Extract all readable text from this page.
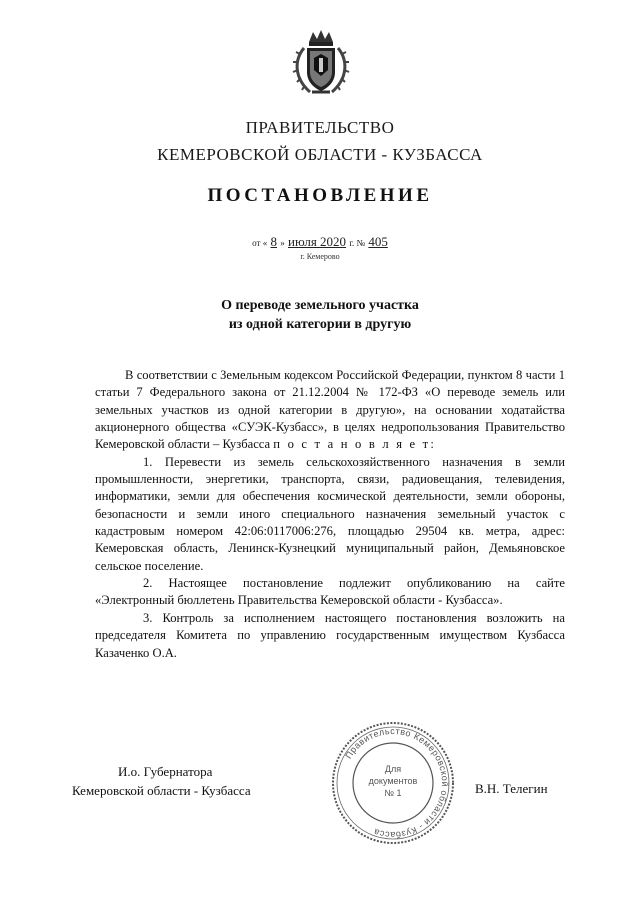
ПРАВИТЕЛЬСТВО
КЕМЕРОВСКОЙ ОБЛАСТИ - КУЗБАССА
ПОСТАНОВЛЕНИЕ
от « 8 » июля 2020 г. № 405
г. Кемерово
О переводе земельного участка
из одной категории в другую

В соответствии с Земельным кодексом Российской Федерации, пунктом 8 части 1 статьи 7 Федерального закона от 21.12.2004 № 172-ФЗ «О переводе земель или земельных участков из одной категории в другую», на основании ходатайства акционерного общества «СУЭК-Кузбасс», в целях недропользования Правительство Кемеровской области – Кузбасса п о с т а н о в л я е т:

1. Перевести из земель сельскохозяйственного назначения в земли промышленности, энергетики, транспорта, связи, радиовещания, телевидения, информатики, земли для обеспечения космической деятельности, земли обороны, безопасности и земли иного специального назначения земельный участок с кадастровым номером 42:06:0117006:276, площадью 29504 кв. метра, адрес: Кемеровская область, Ленинск-Кузнецкий муниципальный район, Демьяновское сельское поселение.

2. Настоящее постановление подлежит опубликованию на сайте «Электронный бюллетень Правительства Кемеровской области - Кузбасса».

3. Контроль за исполнением настоящего постановления возложить на председателя Комитета по управлению государственным имуществом Кузбасса Казаченко О.А.

И.о. Губернатора
Кемеровской области - Кузбасса	В.Н. Телегин
Правительство Кемеровской области - Кузбасса
Для
документов
№ 1
